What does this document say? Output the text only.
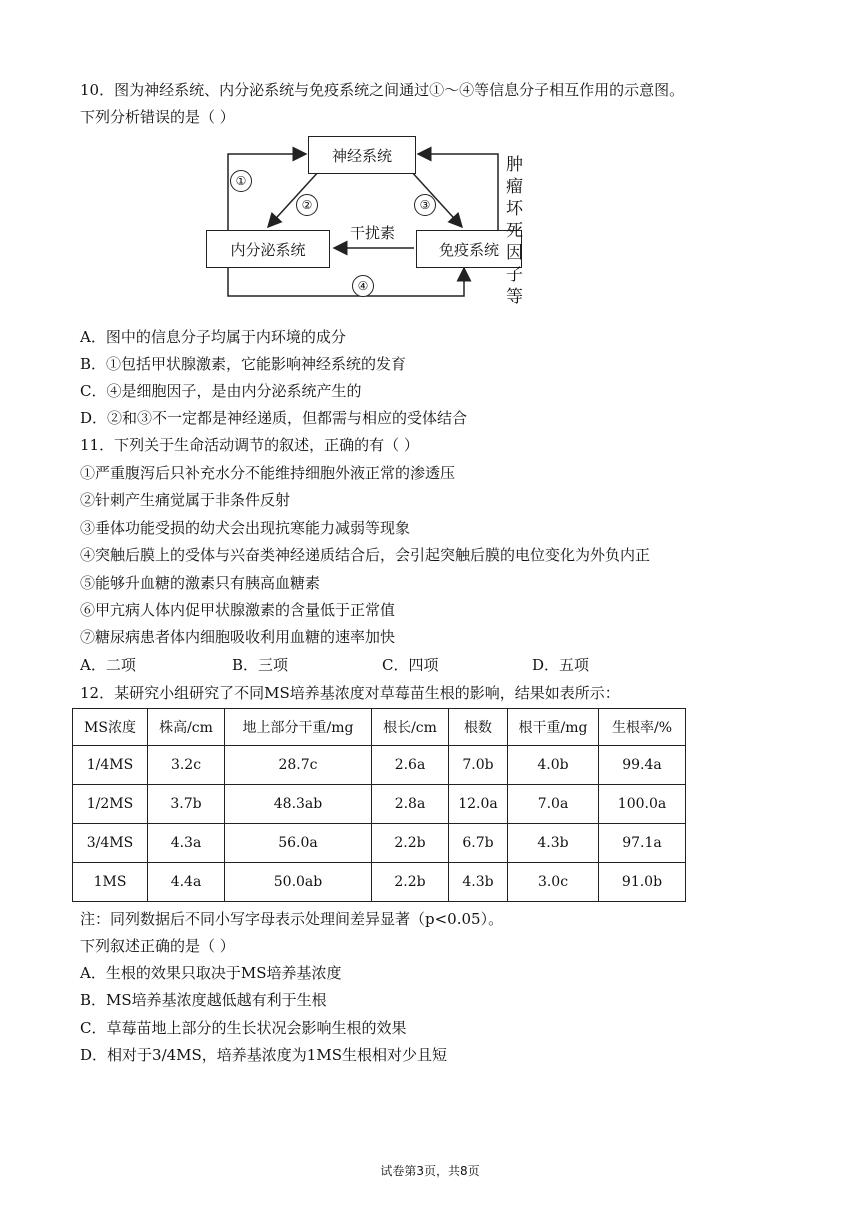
10．图为神经系统、内分泌系统与免疫系统之间通过①～④等信息分子相互作用的示意图。
下列分析错误的是（ ）
神经系统
内分泌系统	免疫系统
①
②	③
④
干扰素
肿瘤坏
死因子
等
A．图中的信息分子均属于内环境的成分
B．①包括甲状腺激素，它能影响神经系统的发育
C．④是细胞因子，是由内分泌系统产生的
D．②和③不一定都是神经递质，但都需与相应的受体结合
11．下列关于生命活动调节的叙述，正确的有（ ）
①严重腹泻后只补充水分不能维持细胞外液正常的渗透压
②针刺产生痛觉属于非条件反射
③垂体功能受损的幼犬会出现抗寒能力减弱等现象
④突触后膜上的受体与兴奋类神经递质结合后，会引起突触后膜的电位变化为外负内正
⑤能够升血糖的激素只有胰高血糖素
⑥甲亢病人体内促甲状腺激素的含量低于正常值
⑦糖尿病患者体内细胞吸收利用血糖的速率加快
A．二项	B．三项	C．四项	D．五项
12．某研究小组研究了不同MS培养基浓度对草莓苗生根的影响，结果如表所示：
MS浓度	株高/cm	地上部分干重/mg	根长/cm	根数	根干重/mg	生根率/%
1/4MS	3.2c	28.7c	2.6a	7.0b	4.0b	99.4a
1/2MS	3.7b	48.3ab	2.8a	12.0a	7.0a	100.0a
3/4MS	4.3a	56.0a	2.2b	6.7b	4.3b	97.1a
1MS	4.4a	50.0ab	2.2b	4.3b	3.0c	91.0b
注：同列数据后不同小写字母表示处理间差异显著（p<0.05）。
下列叙述正确的是（ ）
A．生根的效果只取决于MS培养基浓度
B．MS培养基浓度越低越有利于生根
C．草莓苗地上部分的生长状况会影响生根的效果
D．相对于3/4MS，培养基浓度为1MS生根相对少且短
试卷第3页，共8页
